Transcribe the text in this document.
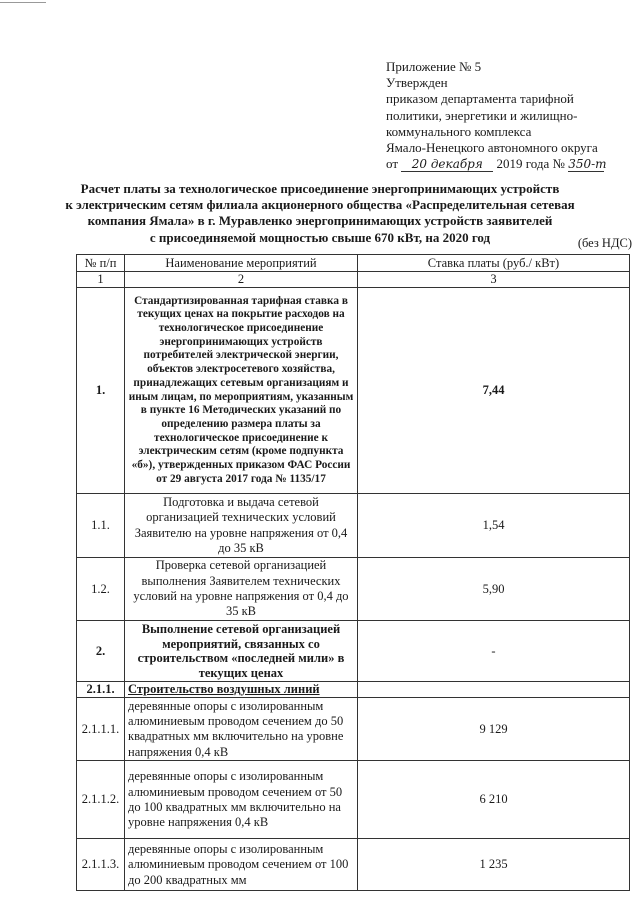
Приложение № 5
Утвержден
приказом департамента тарифной
политики, энергетики и жилищно-
коммунального комплекса
Ямало-Ненецкого автономного округа
от 20 декабря 2019 года № 350-т
Расчет платы за технологическое присоединение энергопринимающих устройств
к электрическим сетям филиала акционерного общества «Распределительная сетевая
компания Ямала» в г. Муравленко энергопринимающих устройств заявителей
с присоединяемой мощностью свыше 670 кВт, на 2020 год	(без НДС)
№ п/п	Наименование мероприятий	Ставка платы (руб./ кВт)
1	2	3
1.	Стандартизированная тарифная ставка в текущих ценах на покрытие расходов на технологическое присоединение энергопринимающих устройств потребителей электрической энергии, объектов электросетевого хозяйства, принадлежащих сетевым организациям и иным лицам, по мероприятиям, указанным в пункте 16 Методических указаний по определению размера платы за технологическое присоединение к электрическим сетям (кроме подпункта «б»), утвержденных приказом ФАС России от 29 августа 2017 года № 1135/17	7,44
1.1.	Подготовка и выдача сетевой организацией технических условий Заявителю на уровне напряжения от 0,4 до 35 кВ	1,54
1.2.	Проверка сетевой организацией выполнения Заявителем технических условий на уровне напряжения от 0,4 до 35 кВ	5,90
2.	Выполнение сетевой организацией мероприятий, связанных со строительством «последней мили» в текущих ценах	-
2.1.1.	Строительство воздушных линий	
2.1.1.1.	деревянные опоры с изолированным алюминиевым проводом сечением до 50 квадратных мм включительно на уровне напряжения 0,4 кВ	9 129
2.1.1.2.	деревянные опоры с изолированным алюминиевым проводом сечением от 50 до 100 квадратных мм включительно на уровне напряжения 0,4 кВ	6 210
2.1.1.3.	деревянные опоры с изолированным алюминиевым проводом сечением от 100 до 200 квадратных мм	1 235
